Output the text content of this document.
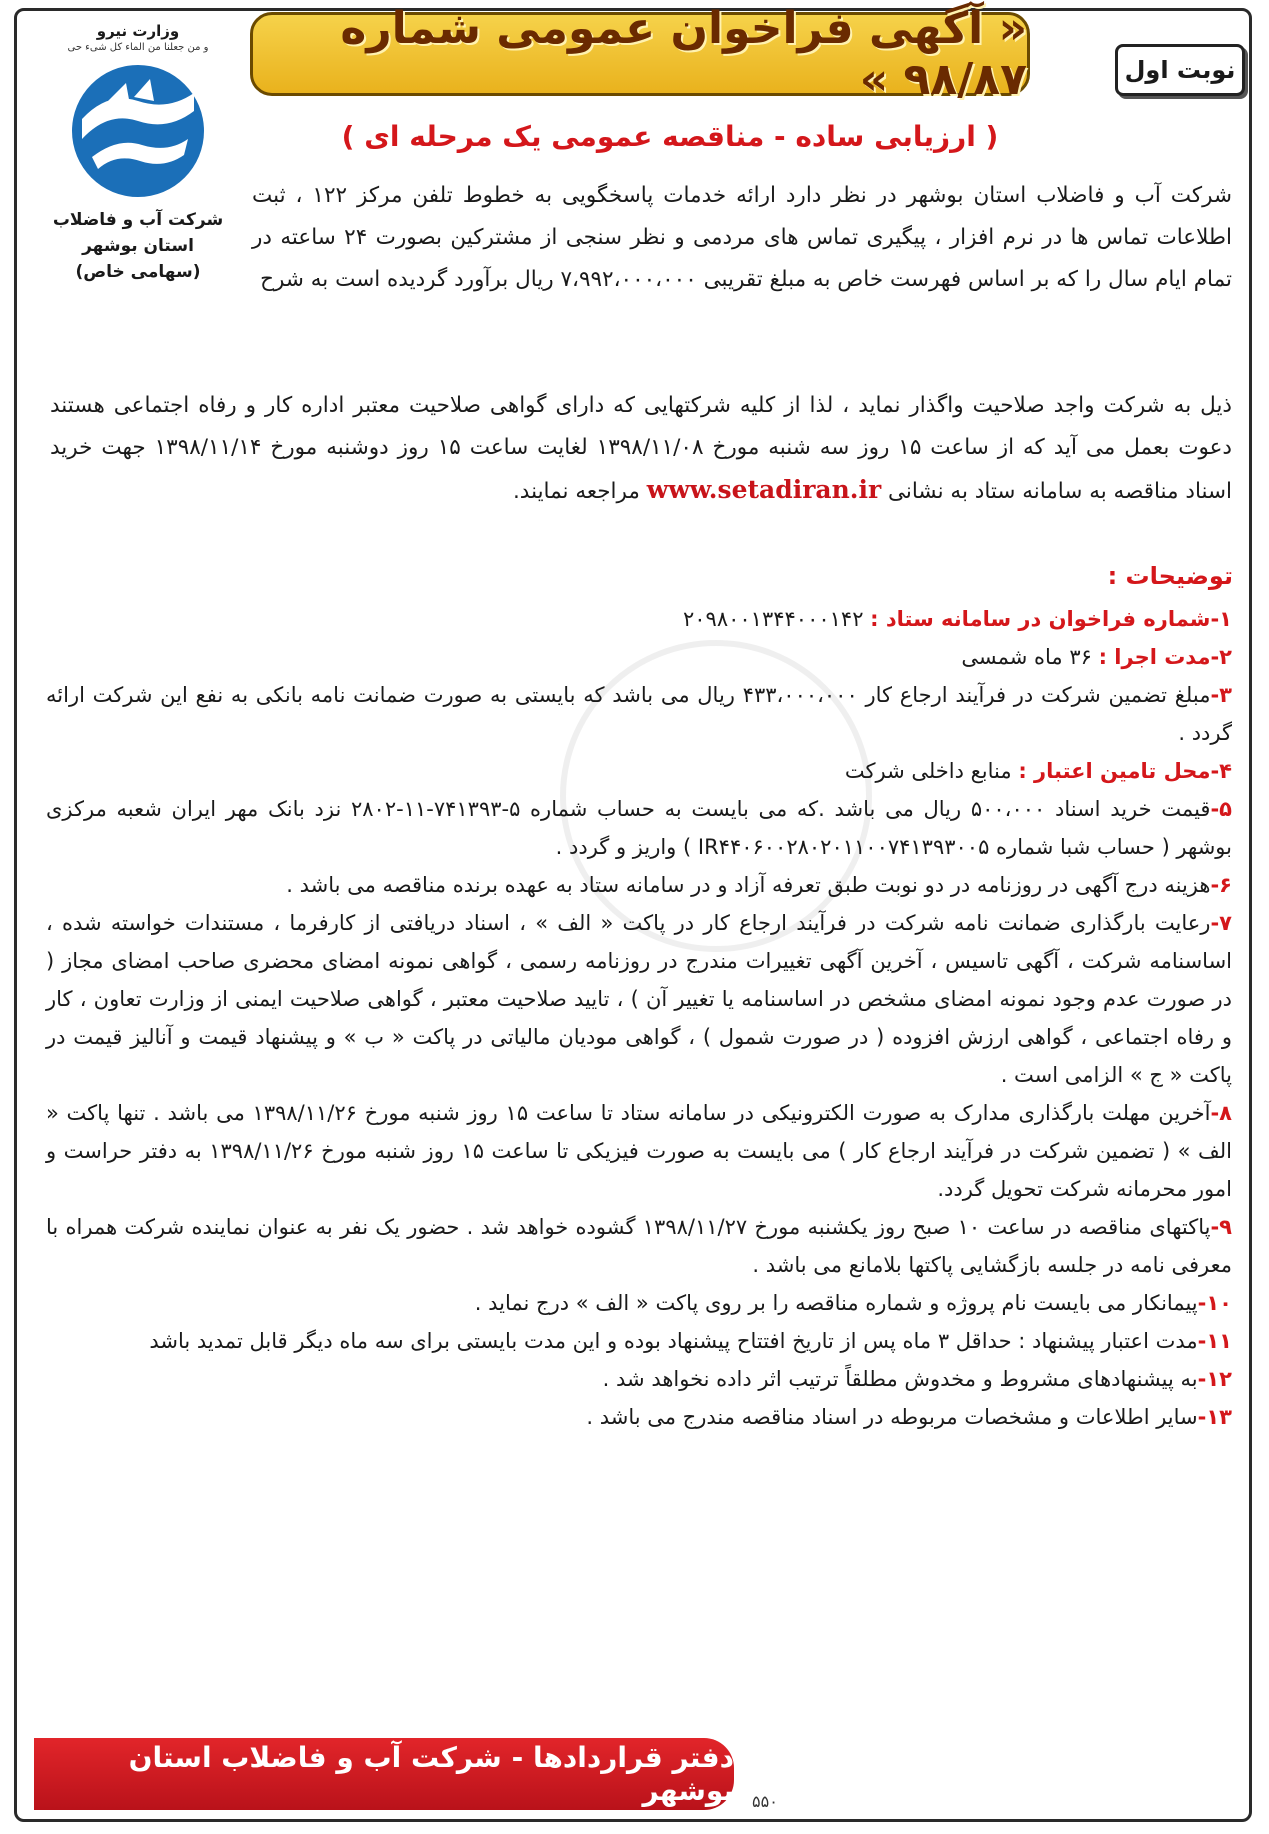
« آگهی فراخوان عمومی شماره ۹۸/۸۷ »	نوبت اول
وزارت نیرو
و من جعلنا من الماء کل شیء حی
شرکت آب و فاضلاب
استان بوشهر
(سهامی خاص)
( ارزیابی ساده - مناقصه عمومی یک مرحله ای )

شرکت آب و فاضلاب استان بوشهر در نظر دارد ارائه خدمات پاسخگویی به خطوط تلفن مرکز ۱۲۲ ، ثبت اطلاعات تماس ها در نرم افزار ، پیگیری تماس های مردمی و نظر سنجی از مشترکین بصورت ۲۴ ساعته در تمام ایام سال را که بر اساس فهرست خاص به مبلغ تقریبی ۷،۹۹۲،۰۰۰،۰۰۰ ریال برآورد گردیده است به شرح

ذیل به شرکت واجد صلاحیت واگذار نماید ، لذا از کلیه شرکتهایی که دارای گواهی صلاحیت معتبر اداره کار و رفاه اجتماعی هستند دعوت بعمل می آید که از ساعت ۱۵ روز سه شنبه مورخ ۱۳۹۸/۱۱/۰۸ لغایت ساعت ۱۵ روز دوشنبه مورخ ۱۳۹۸/۱۱/۱۴ جهت خرید اسناد مناقصه به سامانه ستاد به نشانی www.setadiran.ir مراجعه نمایند.

توضیحات :
۱-شماره فراخوان در سامانه ستاد : ۲۰۹۸۰۰۱۳۴۴۰۰۰۱۴۲
۲-مدت اجرا : ۳۶ ماه شمسی
۳-مبلغ تضمین شرکت در فرآیند ارجاع کار ۴۳۳،۰۰۰،۰۰۰ ریال می باشد که بایستی به صورت ضمانت نامه بانکی به نفع این شرکت ارائه گردد .
۴-محل تامین اعتبار : منابع داخلی شرکت
۵-قیمت خرید اسناد ۵۰۰،۰۰۰ ریال می باشد .که می بایست به حساب شماره ۵-۷۴۱۳۹۳-۱۱-۲۸۰۲ نزد بانک مهر ایران شعبه مرکزی بوشهر ( حساب شبا شماره IR۴۴۰۶۰۰۲۸۰۲۰۱۱۰۰۷۴۱۳۹۳۰۰۵ ) واریز و گردد .
۶-هزینه درج آگهی در روزنامه در دو نوبت طبق تعرفه آزاد و در سامانه ستاد به عهده برنده مناقصه می باشد .
۷-رعایت بارگذاری ضمانت نامه شرکت در فرآیند ارجاع کار در پاکت « الف » ، اسناد دریافتی از کارفرما ، مستندات خواسته شده ، اساسنامه شرکت ، آگهی تاسیس ، آخرین آگهی تغییرات مندرج در روزنامه رسمی ، گواهی نمونه امضای محضری صاحب امضای مجاز ( در صورت عدم وجود نمونه امضای مشخص در اساسنامه یا تغییر آن ) ، تایید صلاحیت معتبر ، گواهی صلاحیت ایمنی از وزارت تعاون ، کار و رفاه اجتماعی ، گواهی ارزش افزوده ( در صورت شمول ) ، گواهی مودیان مالیاتی در پاکت « ب » و پیشنهاد قیمت و آنالیز قیمت در پاکت « ج » الزامی است .
۸-آخرین مهلت بارگذاری مدارک به صورت الکترونیکی در سامانه ستاد تا ساعت ۱۵ روز شنبه مورخ ۱۳۹۸/۱۱/۲۶ می باشد . تنها پاکت « الف » ( تضمین شرکت در فرآیند ارجاع کار ) می بایست به صورت فیزیکی تا ساعت ۱۵ روز شنبه مورخ ۱۳۹۸/۱۱/۲۶ به دفتر حراست و امور محرمانه شرکت تحویل گردد.
۹-پاکتهای مناقصه در ساعت ۱۰ صبح روز یکشنبه مورخ ۱۳۹۸/۱۱/۲۷ گشوده خواهد شد . حضور یک نفر به عنوان نماینده شرکت همراه با معرفی نامه در جلسه بازگشایی پاکتها بلامانع می باشد .
۱۰-پیمانکار می بایست نام پروژه و شماره مناقصه را بر روی پاکت « الف » درج نماید .
۱۱-مدت اعتبار پیشنهاد : حداقل ۳ ماه پس از تاریخ افتتاح پیشنهاد بوده و این مدت بایستی برای سه ماه دیگر قابل تمدید باشد
۱۲-به پیشنهادهای مشروط و مخدوش مطلقاً ترتیب اثر داده نخواهد شد .
۱۳-سایر اطلاعات و مشخصات مربوطه در اسناد مناقصه مندرج می باشد .
دفتر قراردادها - شرکت آب و فاضلاب استان بوشهر ۵۵۰
